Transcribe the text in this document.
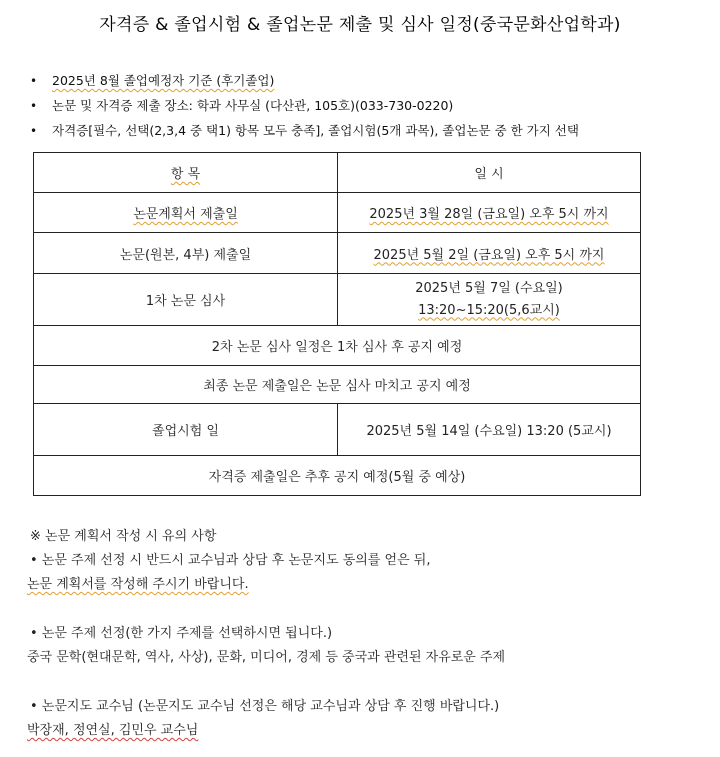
자격증 & 졸업시험 & 졸업논문 제출 및 심사 일정(중국문화산업학과)
• 2025년 8월 졸업예정자 기준 (후기졸업)
• 논문 및 자격증 제출 장소: 학과 사무실 (다산관, 105호)(033-730-0220)
• 자격증[필수, 선택(2,3,4 중 택1) 항목 모두 충족], 졸업시험(5개 과목), 졸업논문 중 한 가지 선택
항 목	일 시
논문계획서 제출일	2025년 3월 28일 (금요일) 오후 5시 까지
논문(원본, 4부) 제출일	2025년 5월 2일 (금요일) 오후 5시 까지
1차 논문 심사	2025년 5월 7일 (수요일)
13:20~15:20(5,6교시)

2차 논문 심사 일정은 1차 심사 후 공지 예정	
최종 논문 제출일은 논문 심사 마치고 공지 예정	
졸업시험 일	2025년 5월 14일 (수요일) 13:20 (5교시)
자격증 제출일은 추후 공지 예정(5월 중 예상)	
※ 논문 계획서 작성 시 유의 사항
• 논문 주제 선정 시 반드시 교수님과 상담 후 논문지도 동의를 얻은 뒤,
논문 계획서를 작성해 주시기 바랍니다.
• 논문 주제 선정(한 가지 주제를 선택하시면 됩니다.)
중국 문학(현대문학, 역사, 사상), 문화, 미디어, 경제 등 중국과 관련된 자유로운 주제
• 논문지도 교수님 (논문지도 교수님 선정은 해당 교수님과 상담 후 진행 바랍니다.)
박장재, 정연실, 김민우 교수님
